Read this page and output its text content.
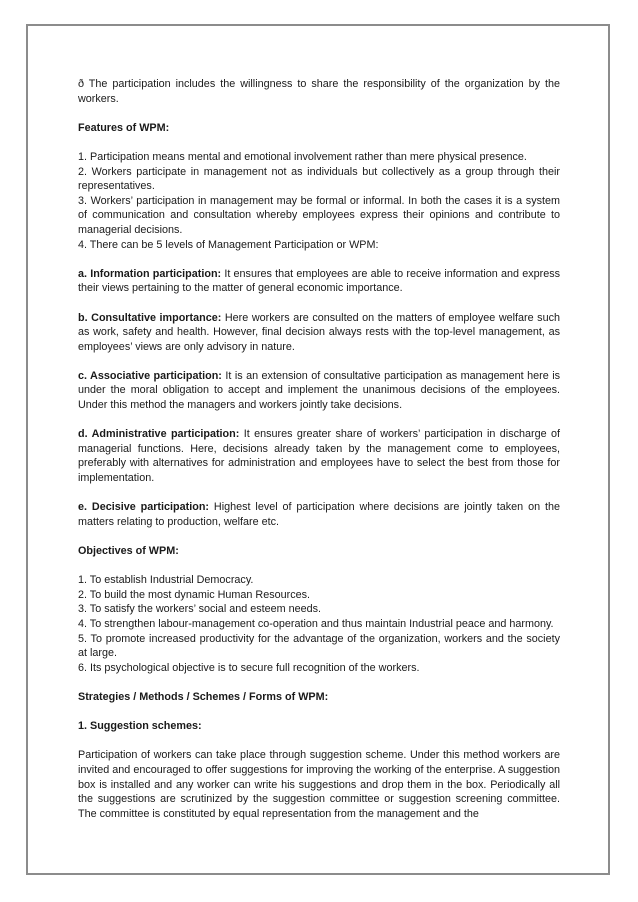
ð The participation includes the willingness to share the responsibility of the organization by the workers.

Features of WPM:

1. Participation means mental and emotional involvement rather than mere physical presence.

2. Workers participate in management not as individuals but collectively as a group through their representatives.

3. Workers’ participation in management may be formal or informal. In both the cases it is a system of communication and consultation whereby employees express their opinions and contribute to managerial decisions.

4. There can be 5 levels of Management Participation or WPM:

a. Information participation: It ensures that employees are able to receive information and express their views pertaining to the matter of general economic importance.

b. Consultative importance: Here workers are consulted on the matters of employee welfare such as work, safety and health. However, final decision always rests with the top-level management, as employees’ views are only advisory in nature.

c. Associative participation: It is an extension of consultative participation as management here is under the moral obligation to accept and implement the unanimous decisions of the employees. Under this method the managers and workers jointly take decisions.

d. Administrative participation: It ensures greater share of workers’ participation in discharge of managerial functions. Here, decisions already taken by the management come to employees, preferably with alternatives for administration and employees have to select the best from those for implementation.

e. Decisive participation: Highest level of participation where decisions are jointly taken on the matters relating to production, welfare etc.

Objectives of WPM:

1. To establish Industrial Democracy.

2. To build the most dynamic Human Resources.

3. To satisfy the workers’ social and esteem needs.

4. To strengthen labour-management co-operation and thus maintain Industrial peace and harmony.

5. To promote increased productivity for the advantage of the organization, workers and the society at large.

6. Its psychological objective is to secure full recognition of the workers.

Strategies / Methods / Schemes / Forms of WPM:

1. Suggestion schemes:

Participation of workers can take place through suggestion scheme. Under this method workers are invited and encouraged to offer suggestions for improving the working of the enterprise. A suggestion box is installed and any worker can write his suggestions and drop them in the box. Periodically all the suggestions are scrutinized by the suggestion committee or suggestion screening committee. The committee is constituted by equal representation from the management and the
